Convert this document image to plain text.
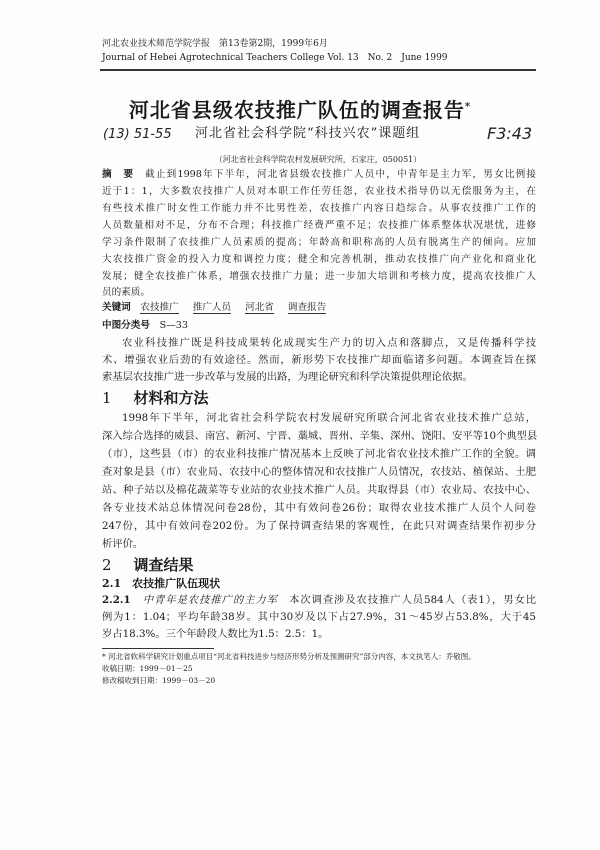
河北农业技术师范学院学报　第13卷第2期，1999年6月
Journal of Hebei Agrotechnical Teachers College Vol. 13　No. 2　June 1999
河北省县级农技推广队伍的调查报告*
(13) 51-55	F3:43
河北省社会科学院“科技兴农”课题组
（河北省社会科学院农村发展研究所，石家庄，050051）
摘　要　 截止到1998年下半年，河北省县级农技推广人员中，中青年是主力军，男女比例接
近于1：1，大多数农技推广人员对本职工作任劳任怨，农业技术指导仍以无偿服务为主，在
有些技术推广时女性工作能力并不比男性差，农技推广内容日趋综合。从事农技推广工作的
人员数量相对不足，分布不合理；科技推广经费严重不足；农技推广体系整体状况堪忧，进修
学习条件限制了农技推广人员素质的提高；年龄高和职称高的人员有脱离生产的倾向。应加
大农技推广资金的投入力度和调控力度；健全和完善机制，推动农技推广向产业化和商业化
发展；健全农技推广体系，增强农技推广力量；进一步加大培训和考核力度，提高农技推广人
员的素质。
关键词　 农技推广 推广人员 河北省 调查报告
中图分类号　 S—33
农业科技推广既是科技成果转化成现实生产力的切入点和落脚点，又是传播科学技
术、增强农业后劲的有效途径。然而，新形势下农技推广却面临诸多问题。本调查旨在探
索基层农技推广进一步改革与发展的出路，为理论研究和科学决策提供理论依据。
1 材料和方法
1998年下半年，河北省社会科学院农村发展研究所联合河北省农业技术推广总站，
深入综合选择的威县、南宫、新河、宁晋、藁城、晋州、辛集、深州、饶阳、安平等10个典型县
（市），这些县（市）的农业科技推广情况基本上反映了河北省农业技术推广工作的全貌。调
查对象是县（市）农业局、农技中心的整体情况和农技推广人员情况，农技站、植保站、土肥
站、种子站以及棉花蔬菜等专业站的农业技术推广人员。共取得县（市）农业局、农技中心、
各专业技术站总体情况问卷28份，其中有效问卷26份；取得农业技术推广人员个人问卷
247份，其中有效问卷202份。为了保持调查结果的客观性，在此只对调查结果作初步分
析评价。
2 调查结果
2.1　 农技推广队伍现状
2.2.1　 中青年是农技推广的主力军　 本次调查涉及农技推广人员584人（表1），男女比
例为1：1.04；平均年龄38岁。其中30岁及以下占27.9%，31～45岁占53.8%，大于45
岁占18.3%。三个年龄段人数比为1.5：2.5：1。
* 河北省软科学研究计划重点项目“河北省科技进步与经济形势分析及预测研究”部分内容，本文执笔人：乔敬图。
收稿日期：1999－01－25
修改稿收到日期：1999－03－20
